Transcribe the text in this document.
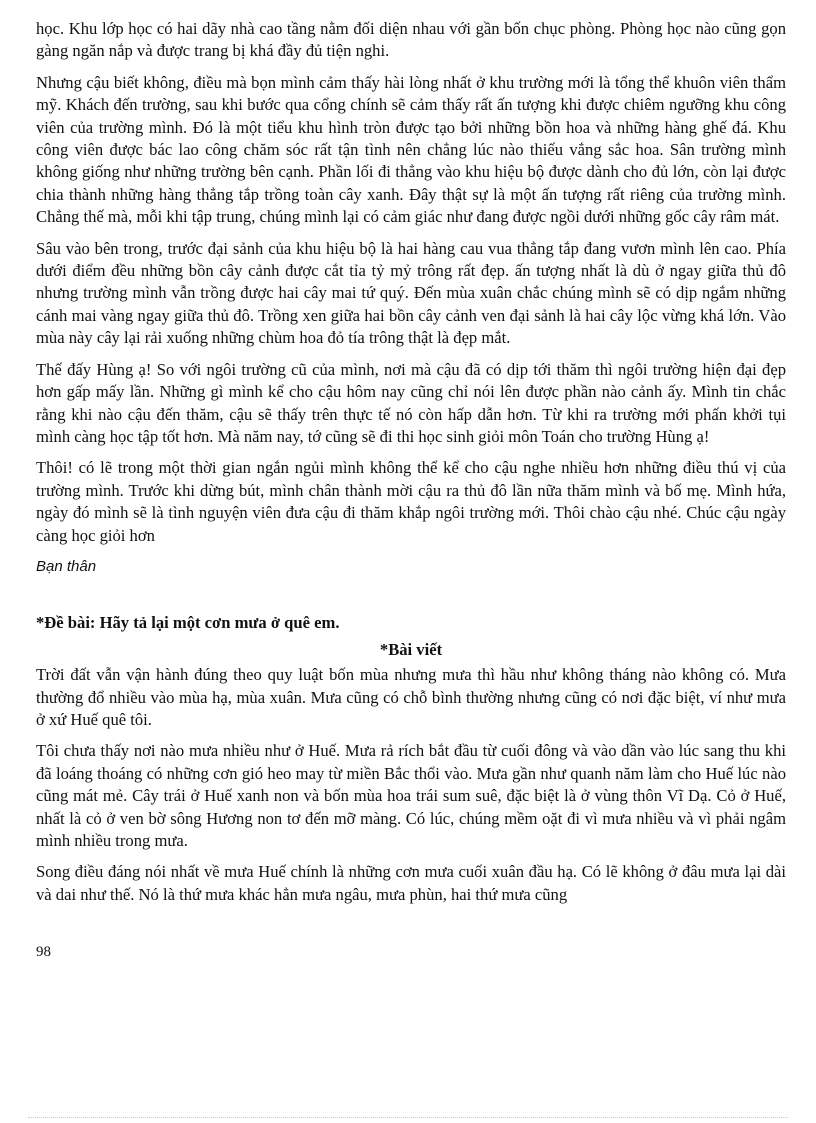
học. Khu lớp học có hai dãy nhà cao tầng nằm đối diện nhau với gần bốn chục phòng. Phòng học nào cũng gọn gàng ngăn nắp và được trang bị khá đầy đủ tiện nghi.

Nhưng cậu biết không, điều mà bọn mình cảm thấy hài lòng nhất ở khu trường mới là tổng thể khuôn viên thẩm mỹ. Khách đến trường, sau khi bước qua cổng chính sẽ cảm thấy rất ấn tượng khi được chiêm ngưỡng khu công viên của trường mình. Đó là một tiểu khu hình tròn được tạo bởi những bồn hoa và những hàng ghế đá. Khu công viên được bác lao công chăm sóc rất tận tình nên chẳng lúc nào thiếu vắng sắc hoa. Sân trường mình không giống như những trường bên cạnh. Phần lối đi thẳng vào khu hiệu bộ được dành cho đủ lớn, còn lại được chia thành những hàng thẳng tắp trồng toàn cây xanh. Đây thật sự là một ấn tượng rất riêng của trường mình. Chẳng thế mà, mỗi khi tập trung, chúng mình lại có cảm giác như đang được ngồi dưới những gốc cây râm mát.

Sâu vào bên trong, trước đại sảnh của khu hiệu bộ là hai hàng cau vua thẳng tắp đang vươn mình lên cao. Phía dưới điểm đều những bồn cây cảnh được cắt tỉa tỷ mỷ trông rất đẹp. ấn tượng nhất là dù ở ngay giữa thủ đô nhưng trường mình vẫn trồng được hai cây mai tứ quý. Đến mùa xuân chắc chúng mình sẽ có dịp ngắm những cánh mai vàng ngay giữa thủ đô. Trồng xen giữa hai bồn cây cảnh ven đại sảnh là hai cây lộc vừng khá lớn. Vào mùa này cây lại rải xuống những chùm hoa đỏ tía trông thật là đẹp mắt.

Thế đấy Hùng ạ! So với ngôi trường cũ của mình, nơi mà cậu đã có dịp tới thăm thì ngôi trường hiện đại đẹp hơn gấp mấy lần. Những gì mình kể cho cậu hôm nay cũng chỉ nói lên được phần nào cảnh ấy. Mình tin chắc rằng khi nào cậu đến thăm, cậu sẽ thấy trên thực tế nó còn hấp dẫn hơn. Từ khi ra trường mới phấn khởi tụi mình càng học tập tốt hơn. Mà năm nay, tớ cũng sẽ đi thi học sinh giỏi môn Toán cho trường Hùng ạ!

Thôi! có lẽ trong một thời gian ngắn ngủi mình không thể kể cho cậu nghe nhiều hơn những điều thú vị của trường mình. Trước khi dừng bút, mình chân thành mời cậu ra thủ đô lần nữa thăm mình và bố mẹ. Mình hứa, ngày đó mình sẽ là tình nguyện viên đưa cậu đi thăm khắp ngôi trường mới. Thôi chào cậu nhé. Chúc cậu ngày càng học giỏi hơn

Bạn thân

*Đề bài: Hãy tả lại một cơn mưa ở quê em.

*Bài viết

Trời đất vẫn vận hành đúng theo quy luật bốn mùa nhưng mưa thì hầu như không tháng nào không có. Mưa thường đổ nhiều vào mùa hạ, mùa xuân. Mưa cũng có chỗ bình thường nhưng cũng có nơi đặc biệt, ví như mưa ở xứ Huế quê tôi.

Tôi chưa thấy nơi nào mưa nhiều như ở Huế. Mưa rả rích bắt đầu từ cuối đông và vào dần vào lúc sang thu khi đã loáng thoáng có những cơn gió heo may từ miền Bắc thổi vào. Mưa gần như quanh năm làm cho Huế lúc nào cũng mát mẻ. Cây trái ở Huế xanh non và bốn mùa hoa trái sum suê, đặc biệt là ở vùng thôn Vĩ Dạ. Cỏ ở Huế, nhất là cỏ ở ven bờ sông Hương non tơ đến mỡ màng. Có lúc, chúng mềm oặt đi vì mưa nhiều và vì phải ngâm mình nhiều trong mưa.

Song điều đáng nói nhất về mưa Huế chính là những cơn mưa cuối xuân đầu hạ. Có lẽ không ở đâu mưa lại dài và dai như thế. Nó là thứ mưa khác hẳn mưa ngâu, mưa phùn, hai thứ mưa cũng

98
